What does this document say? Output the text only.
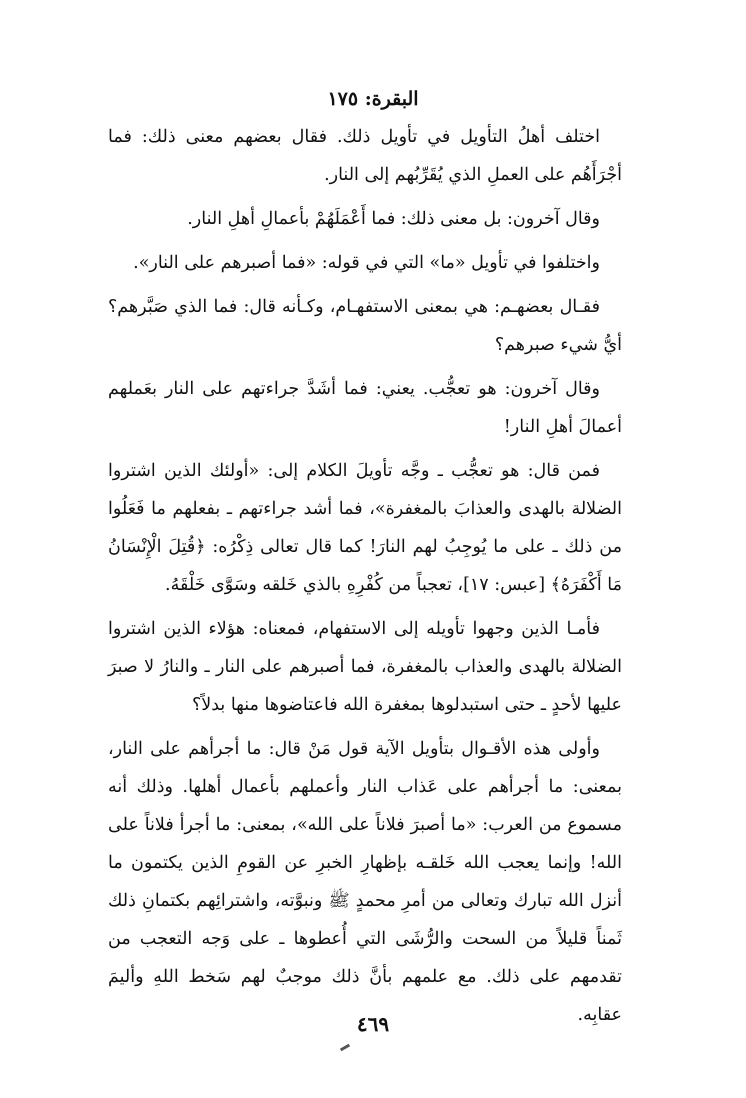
البقرة: ١٧٥

اختلف أهلُ التأويل في تأويل ذلك. فقال بعضهم معنى ذلك: فما أجْرَأَهُم على العملِ الذي يُقَرِّبُهم إلى النار.

وقال آخرون: بل معنى ذلك: فما أَعْمَلَهُمْ بأعمالِ أهلِ النار.

واختلفوا في تأويل «ما» التي في قوله: «فما أصبرهم على النار».

فقـال بعضهـم: هي بمعنى الاستفهـام، وكـأنه قال: فما الذي صَبَّرهم؟ أيُّ شيء صبرهم؟

وقال آخرون: هو تعجُّب. يعني: فما أشَدَّ جراءتهم على النار بعَملهم أعمالَ أهلِ النار!

فمن قال: هو تعجُّب ـ وجَّه تأويلَ الكلام إلى: «أولئك الذين اشتروا الضلالة بالهدى والعذابَ بالمغفرة»، فما أشد جراءتهم ـ بفعلهم ما فَعَلُوا من ذلك ـ على ما يُوجِبُ لهم النارَ! كما قال تعالى ذِكْرُه: ﴿قُتِلَ الْإِنْسَانُ مَا أَكْفَرَهُ﴾ [عبس: ١٧]، تعجباً من كُفْرِهِ بالذي خَلقه وسَوَّى خَلْقَهُ.

فأمـا الذين وجهوا تأويله إلى الاستفهام، فمعناه: هؤلاء الذين اشتروا الضلالة بالهدى والعذاب بالمغفرة، فما أصبرهم على النار ـ والنارُ لا صبرَ عليها لأحدٍ ـ حتى استبدلوها بمغفرة الله فاعتاضوها منها بدلاً؟

وأولى هذه الأقـوال بتأويل الآية قول مَنْ قال: ما أجرأهم على النار، بمعنى: ما أجرأهم على عَذاب النار وأعملهم بأعمال أهلها. وذلك أنه مسموع من العرب: «ما أصبرَ فلاناً على الله»، بمعنى: ما أجرأ فلاناً على الله! وإنما يعجب الله خَلقـه بإظهارِ الخبرِ عن القومِ الذين يكتمون ما أنزل الله تبارك وتعالى من أمرِ محمدٍ ﷺ ونبوَّته، واشترائِهم بكتمانِ ذلك ثَمناً قليلاً من السحت والرُّشَى التي أُعطوها ـ على وَجه التعجب من تقدمهم على ذلك. مع علمهم بأنَّ ذلك موجبٌ لهم سَخط اللهِ وأليمَ عقابِه.

٤٦٩
